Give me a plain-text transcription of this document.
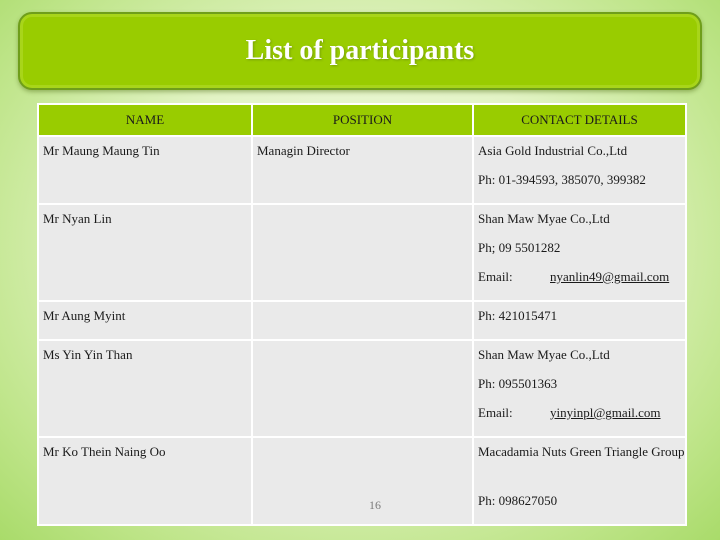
List of participants
NAME	POSITION	CONTACT DETAILS
Mr Maung Maung Tin	Managin Director	Asia Gold Industrial Co.,Ltd
Ph: 01-394593, 385070, 399382

Mr Nyan Lin		Shan Maw Myae Co.,Ltd
Ph; 09 5501282
Email: nyanlin49@gmail.com

Mr Aung Myint		Ph: 421015471

Ms Yin Yin Than		Shan Maw Myae Co.,Ltd
Ph: 095501363
Email: yinyinpl@gmail.com

Mr Ko Thein Naing Oo		Macadamia Nuts Green Triangle Group
Ph: 098627050
16
